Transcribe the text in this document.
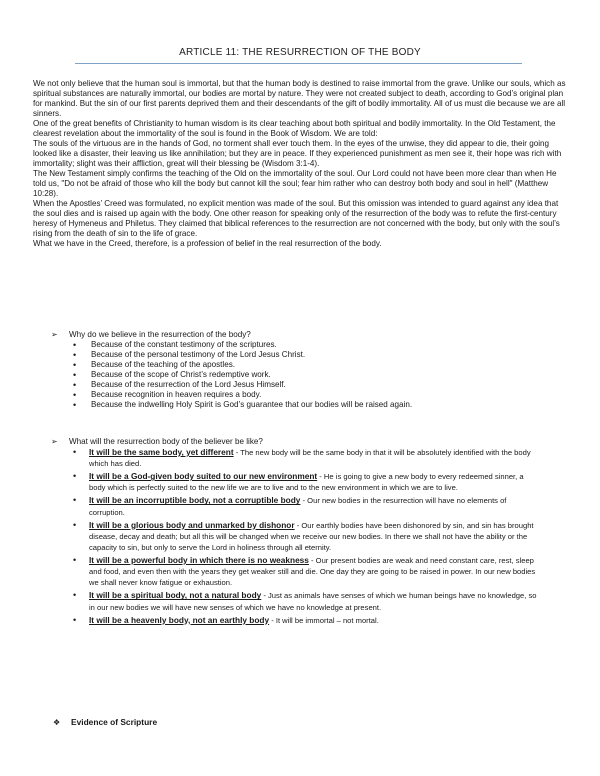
ARTICLE 11: THE RESURRECTION OF THE BODY

We not only believe that the human soul is immortal, but that the human body is destined to raise immortal from the grave. Unlike our souls, which as spiritual substances are naturally immortal, our bodies are mortal by nature. They were not created subject to death, according to God’s original plan for mankind. But the sin of our first parents deprived them and their descendants of the gift of bodily immortality. All of us must die because we are all sinners.

One of the great benefits of Christianity to human wisdom is its clear teaching about both spiritual and bodily immortality. In the Old Testament, the clearest revelation about the immortality of the soul is found in the Book of Wisdom. We are told:

The souls of the virtuous are in the hands of God, no torment shall ever touch them. In the eyes of the unwise, they did appear to die, their going looked like a disaster, their leaving us like annihilation; but they are in peace. If they experienced punishment as men see it, their hope was rich with immortality; slight was their affliction, great will their blessing be (Wisdom 3:1-4).

The New Testament simply confirms the teaching of the Old on the immortality of the soul. Our Lord could not have been more clear than when He told us, "Do not be afraid of those who kill the body but cannot kill the soul; fear him rather who can destroy both body and soul in hell" (Matthew 10:28).

When the Apostles’ Creed was formulated, no explicit mention was made of the soul. But this omission was intended to guard against any idea that the soul dies and is raised up again with the body. One other reason for speaking only of the resurrection of the body was to refute the first-century heresy of Hymeneus and Philetus. They claimed that biblical references to the resurrection are not concerned with the body, but only with the soul’s rising from the death of sin to the life of grace.

What we have in the Creed, therefore, is a profession of belief in the real resurrection of the body.

➢ Why do we believe in the resurrection of the body?
• Because of the constant testimony of the scriptures.
• Because of the personal testimony of the Lord Jesus Christ.
• Because of the teaching of the apostles.
• Because of the scope of Christ’s redemptive work.
• Because of the resurrection of the Lord Jesus Himself.
• Because recognition in heaven requires a body.
• Because the indwelling Holy Spirit is God’s guarantee that our bodies will be raised again.
➢ What will the resurrection body of the believer be like?
• It will be the same body, yet different - The new body will be the same body in that it will be absolutely identified with the body which has died.
• It will be a God-given body suited to our new environment - He is going to give a new body to every redeemed sinner, a body which is perfectly suited to the new life we are to live and to the new environment in which we are to live.
• It will be an incorruptible body, not a corruptible body - Our new bodies in the resurrection will have no elements of corruption.
• It will be a glorious body and unmarked by dishonor - Our earthly bodies have been dishonored by sin, and sin has brought disease, decay and death; but all this will be changed when we receive our new bodies. In there we shall not have the ability or the capacity to sin, but only to serve the Lord in holiness through all eternity.
• It will be a powerful body in which there is no weakness - Our present bodies are weak and need constant care, rest, sleep and food, and even then with the years they get weaker still and die. One day they are going to be raised in power. In our new bodies we shall never know fatigue or exhaustion.
• It will be a spiritual body, not a natural body - Just as animals have senses of which we human beings have no knowledge, so in our new bodies we will have new senses of which we have no knowledge at present.
• It will be a heavenly body, not an earthly body - It will be immortal – not mortal.
❖ Evidence of Scripture
